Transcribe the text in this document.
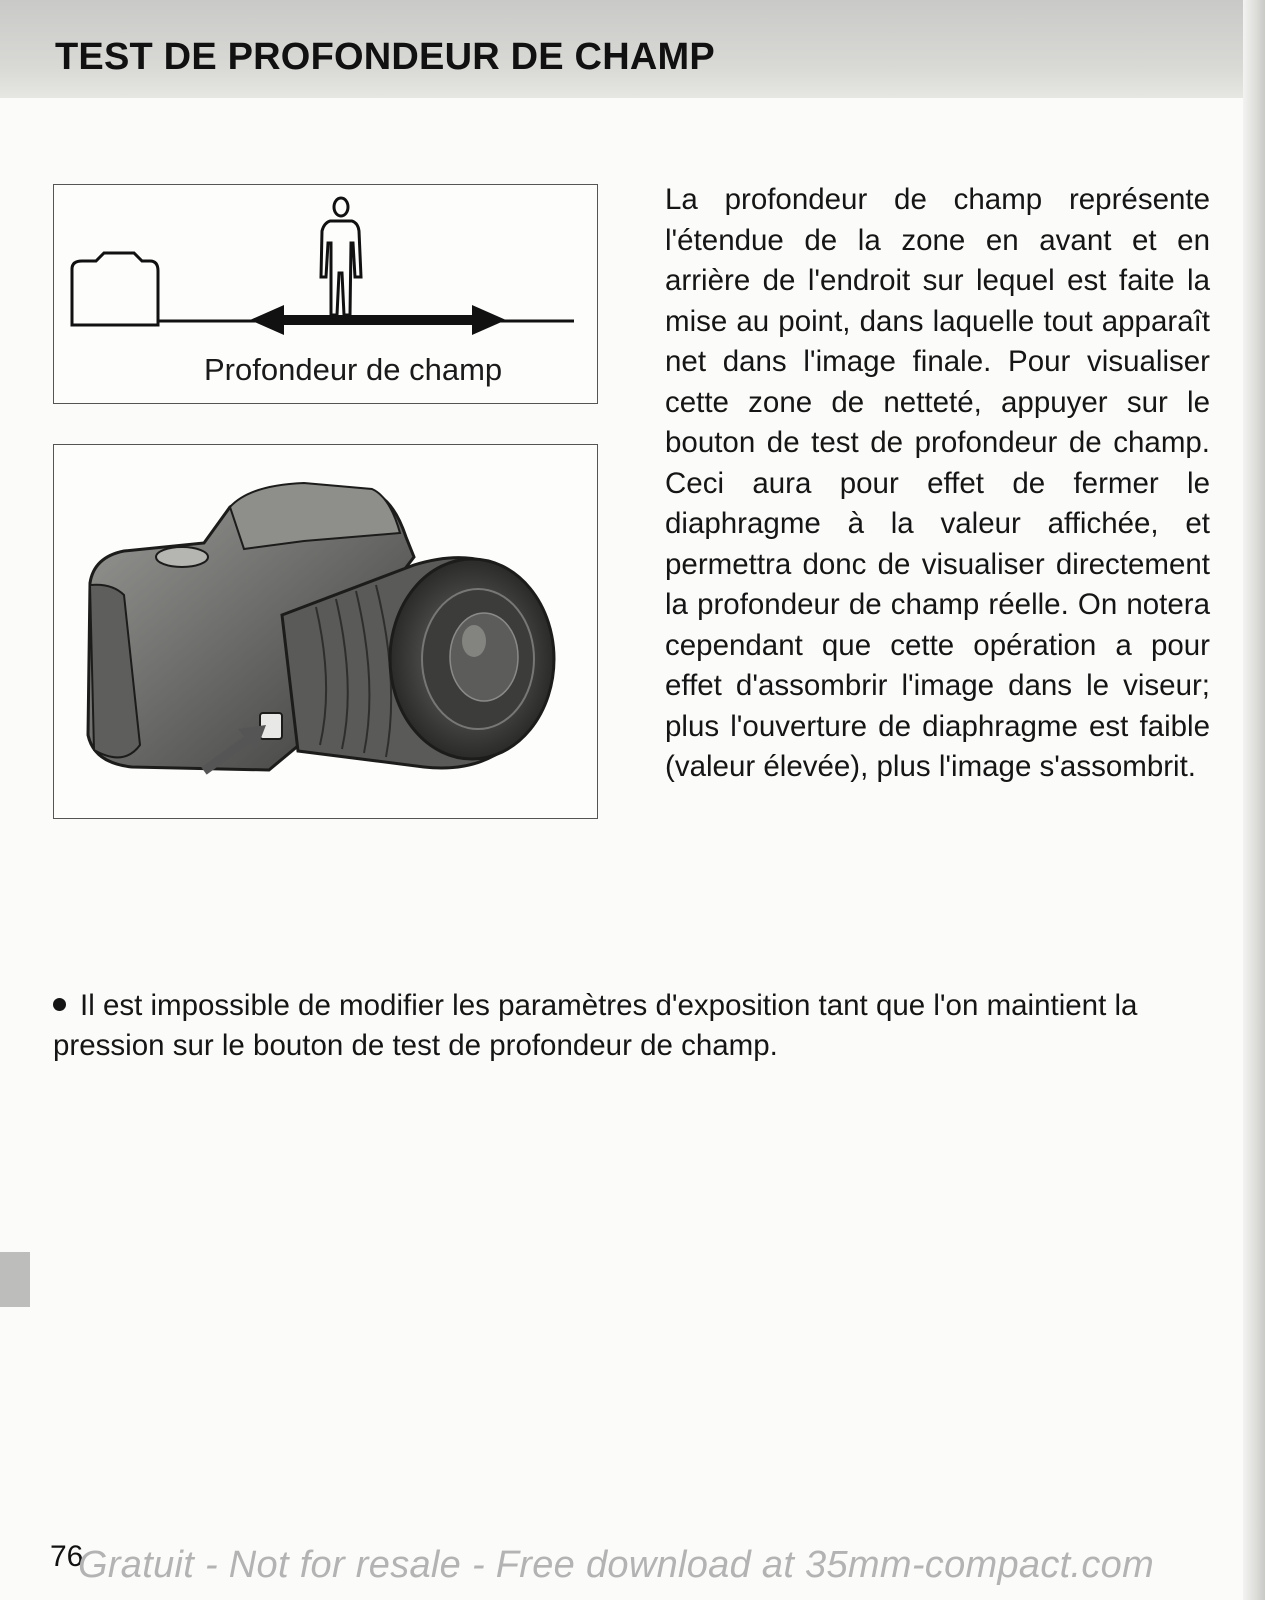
TEST DE PROFONDEUR DE CHAMP
Profondeur de champ

La profondeur de champ représente l'étendue de la zone en avant et en arrière de l'endroit sur lequel est faite la mise au point, dans laquelle tout apparaît net dans l'image finale. Pour visualiser cette zone de netteté, appuyer sur le bouton de test de profondeur de champ. Ceci aura pour effet de fermer le diaphragme à la valeur affichée, et permettra donc de visualiser directement la profondeur de champ réelle. On notera cependant que cette opération a pour effet d'assombrir l'image dans le viseur; plus l'ouverture de diaphragme est faible (valeur élevée), plus l'image s'assombrit.

Il est impossible de modifier les paramètres d'exposition tant que l'on maintient la pression sur le bouton de test de profondeur de champ.

76
Gratuit - Not for resale - Free download at 35mm-compact.com
